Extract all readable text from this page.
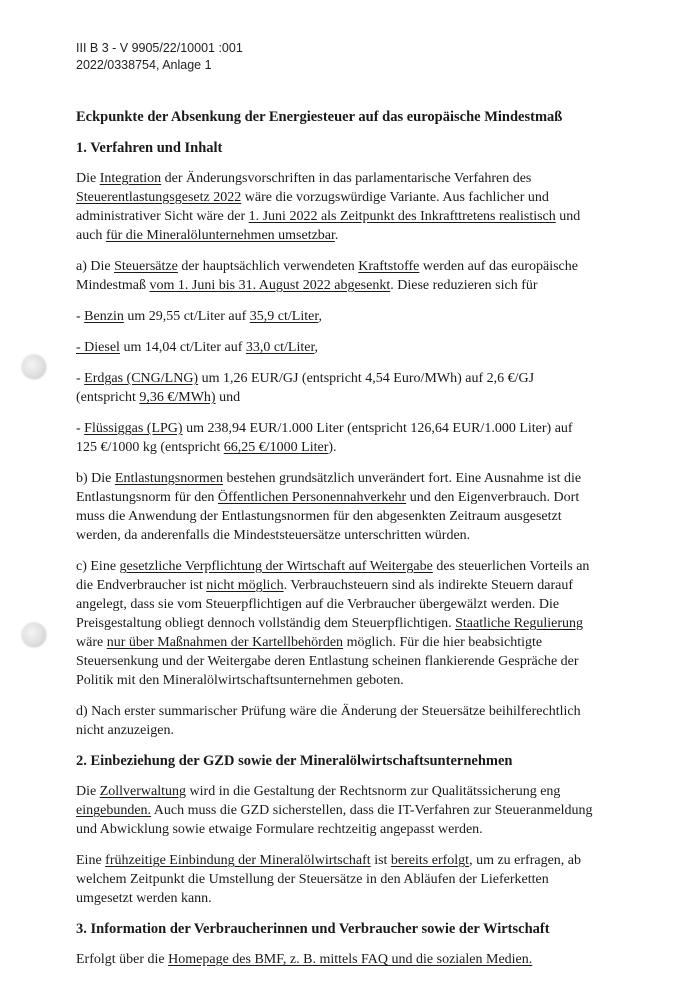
III B 3 - V 9905/22/10001 :001
2022/0338754, Anlage 1
Eckpunkte der Absenkung der Energiesteuer auf das europäische Mindestmaß
1. Verfahren und Inhalt

Die Integration der Änderungsvorschriften in das parlamentarische Verfahren des Steuerentlastungsgesetz 2022 wäre die vorzugswürdige Variante. Aus fachlicher und administrativer Sicht wäre der 1. Juni 2022 als Zeitpunkt des Inkrafttretens realistisch und auch für die Mineralölunternehmen umsetzbar.

a) Die Steuersätze der hauptsächlich verwendeten Kraftstoffe werden auf das europäische Mindestmaß vom 1. Juni bis 31. August 2022 abgesenkt. Diese reduzieren sich für

- Benzin um 29,55 ct/Liter auf 35,9 ct/Liter,

- Diesel um 14,04 ct/Liter auf 33,0 ct/Liter,

- Erdgas (CNG/LNG) um 1,26 EUR/GJ (entspricht 4,54 Euro/MWh) auf 2,6 €/GJ (entspricht 9,36 €/MWh) und

- Flüssiggas (LPG) um 238,94 EUR/1.000 Liter (entspricht 126,64 EUR/1.000 Liter) auf 125 €/1000 kg (entspricht 66,25 €/1000 Liter).

b) Die Entlastungsnormen bestehen grundsätzlich unverändert fort. Eine Ausnahme ist die Entlastungsnorm für den Öffentlichen Personennahverkehr und den Eigenverbrauch. Dort muss die Anwendung der Entlastungsnormen für den abgesenkten Zeitraum ausgesetzt werden, da anderenfalls die Mindeststeuersätze unterschritten würden.

c) Eine gesetzliche Verpflichtung der Wirtschaft auf Weitergabe des steuerlichen Vorteils an die Endverbraucher ist nicht möglich. Verbrauchsteuern sind als indirekte Steuern darauf angelegt, dass sie vom Steuerpflichtigen auf die Verbraucher übergewälzt werden. Die Preisgestaltung obliegt dennoch vollständig dem Steuerpflichtigen. Staatliche Regulierung wäre nur über Maßnahmen der Kartellbehörden möglich. Für die hier beabsichtigte Steuersenkung und der Weitergabe deren Entlastung scheinen flankierende Gespräche der Politik mit den Mineralölwirtschaftsunternehmen geboten.

d) Nach erster summarischer Prüfung wäre die Änderung der Steuersätze beihilferechtlich nicht anzuzeigen.

2. Einbeziehung der GZD sowie der Mineralölwirtschaftsunternehmen

Die Zollverwaltung wird in die Gestaltung der Rechtsnorm zur Qualitätssicherung eng eingebunden. Auch muss die GZD sicherstellen, dass die IT-Verfahren zur Steueranmeldung und Abwicklung sowie etwaige Formulare rechtzeitig angepasst werden.

Eine frühzeitige Einbindung der Mineralölwirtschaft ist bereits erfolgt, um zu erfragen, ab welchem Zeitpunkt die Umstellung der Steuersätze in den Abläufen der Lieferketten umgesetzt werden kann.

3. Information der Verbraucherinnen und Verbraucher sowie der Wirtschaft

Erfolgt über die Homepage des BMF, z. B. mittels FAQ und die sozialen Medien.
